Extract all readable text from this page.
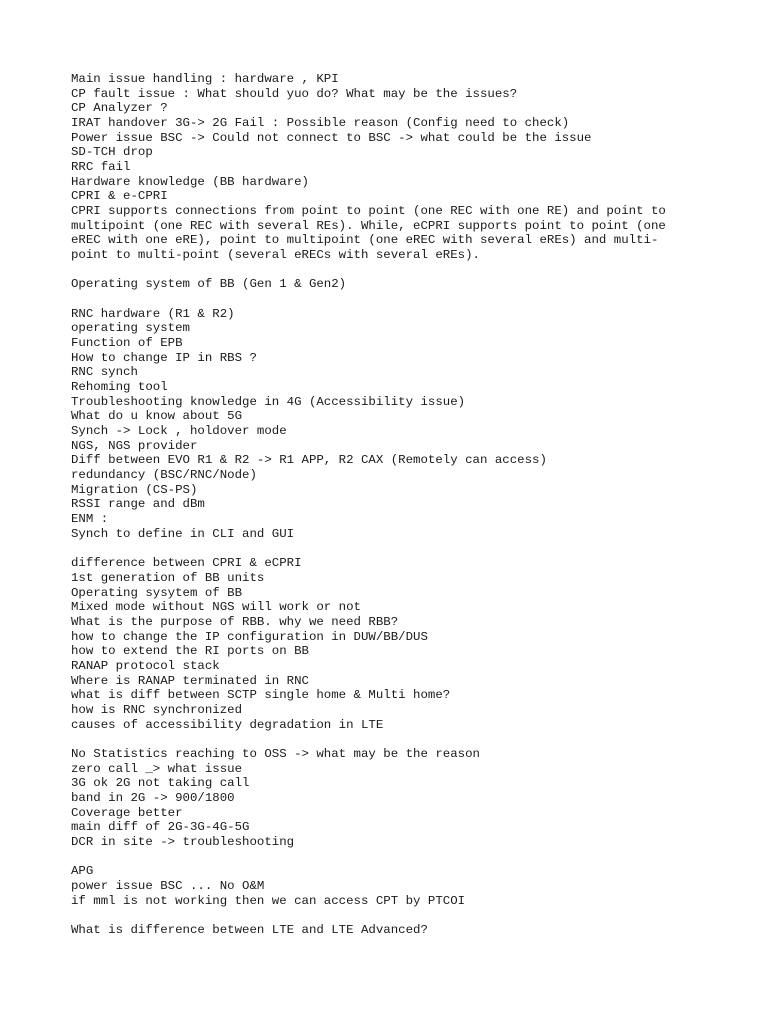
Main issue handling : hardware , KPI
CP fault issue : What should yuo do? What may be the issues?
CP Analyzer ?
IRAT handover 3G-> 2G Fail : Possible reason (Config need to check)
Power issue BSC -> Could not connect to BSC -> what could be the issue
SD-TCH drop
RRC fail
Hardware knowledge (BB hardware)
CPRI & e-CPRI
CPRI supports connections from point to point (one REC with one RE) and point to
multipoint (one REC with several REs). While, eCPRI supports point to point (one
eREC with one eRE), point to multipoint (one eREC with several eREs) and multi-
point to multi-point (several eRECs with several eREs).
Operating system of BB (Gen 1 & Gen2)
RNC hardware (R1 & R2)
operating system
Function of EPB
How to change IP in RBS ?
RNC synch
Rehoming tool
Troubleshooting knowledge in 4G (Accessibility issue)
What do u know about 5G
Synch -> Lock , holdover mode
NGS, NGS provider
Diff between EVO R1 & R2 -> R1 APP, R2 CAX (Remotely can access)
redundancy (BSC/RNC/Node)
Migration (CS-PS)
RSSI range and dBm
ENM :
Synch to define in CLI and GUI
difference between CPRI & eCPRI
1st generation of BB units
Operating sysytem of BB
Mixed mode without NGS will work or not
What is the purpose of RBB. why we need RBB?
how to change the IP configuration in DUW/BB/DUS
how to extend the RI ports on BB
RANAP protocol stack
Where is RANAP terminated in RNC
what is diff between SCTP single home & Multi home?
how is RNC synchronized
causes of accessibility degradation in LTE
No Statistics reaching to OSS -> what may be the reason
zero call _> what issue
3G ok 2G not taking call
band in 2G -> 900/1800
Coverage better
main diff of 2G-3G-4G-5G
DCR in site -> troubleshooting
APG
power issue BSC ... No O&M
if mml is not working then we can access CPT by PTCOI
What is difference between LTE and LTE Advanced?
